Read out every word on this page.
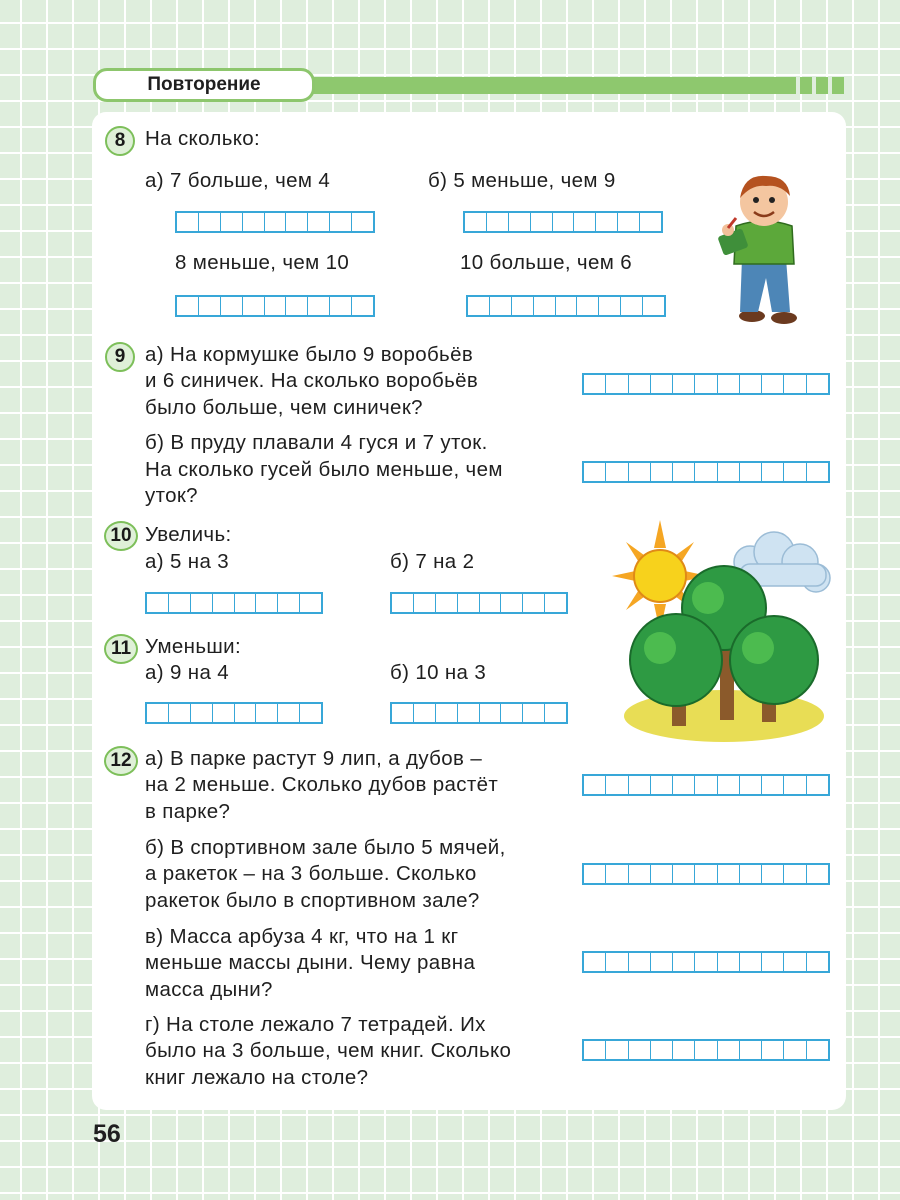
Повторение
8 На сколько:
а) 7 больше, чем 4	б) 5 меньше, чем 9
8 меньше, чем 10	10 больше, чем 6
9 а) На кормушке было 9 воробьёв
и 6 синичек. На сколько воробьёв
было больше, чем синичек?
б) В пруду плавали 4 гуся и 7 уток.
На сколько гусей было меньше, чем
уток?
10 Увеличь:
а) 5 на 3	б) 7 на 2
11 Уменьши:
а) 9 на 4	б) 10 на 3
12 а) В парке растут 9 лип, а дубов –
на 2 меньше. Сколько дубов растёт
в парке?
б) В спортивном зале было 5 мячей,
а ракеток – на 3 больше. Сколько
ракеток было в спортивном зале?
в) Масса арбуза 4 кг, что на 1 кг
меньше массы дыни. Чему равна
масса дыни?
г) На столе лежало 7 тетрадей. Их
было на 3 больше, чем книг. Сколько
книг лежало на столе?
56
